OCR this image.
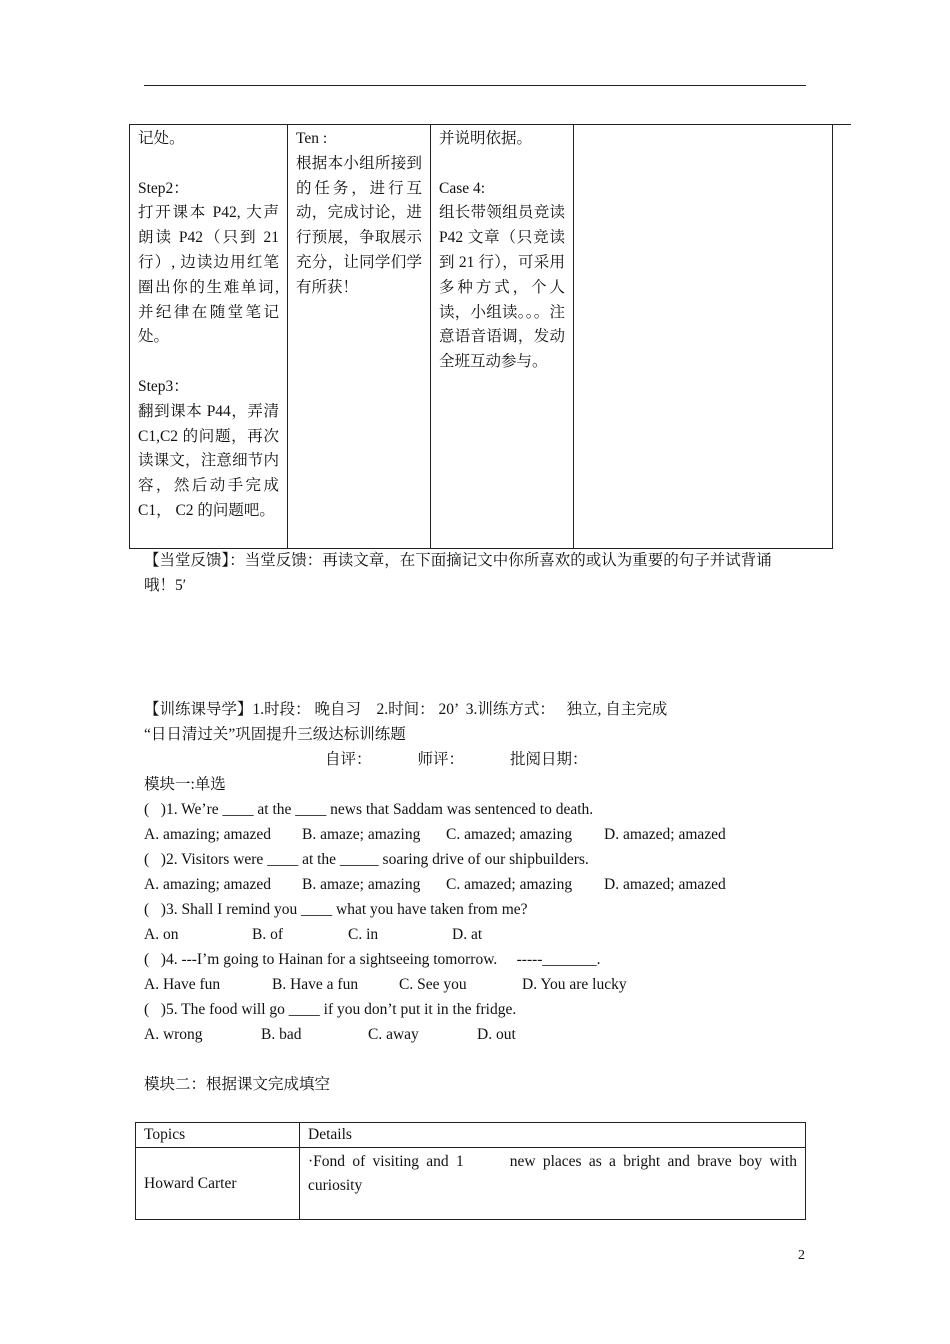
记处。
Step2：
打开课本 P42, 大声朗读 P42（只到 21 行）, 边读边用红笔圈出你的生难单词, 并纪律在随堂笔记处。
Step3：
翻到课本 P44，弄清 C1,C2 的问题，再次读课文，注意细节内容，然后动手完成 C1， C2 的问题吧。

Ten :
根据本小组所接到的任务，进行互动，完成讨论，进行预展，争取展示充分，让同学们学有所获！

并说明依据。
Case 4:
组长带领组员竞读 P42 文章（只竞读到 21 行），可采用多种方式，个人读，小组读。。。注意语音语调，发动全班互动参与。

【当堂反馈】：当堂反馈：再读文章，在下面摘记文中你所喜欢的或认为重要的句子并试背诵
哦！5′
【训练课导学】1.时段： 晚自习    2.时间： 20’  3.训练方式：   独立, 自主完成
“日日清过关”巩固提升三级达标训练题
自评：	师评：	批阅日期：
模块一:单选
(   )1. We’re ____ at the ____ news that Saddam was sentenced to death.
A. amazing; amazed B. amaze; amazing C. amazed; amazing D. amazed; amazed
(   )2. Visitors were ____ at the _____ soaring drive of our shipbuilders.
A. amazing; amazed B. amaze; amazing C. amazed; amazing D. amazed; amazed
(   )3. Shall I remind you ____ what you have taken from me?
A. on	B. of	C. in	D. at
(   )4. ---I’m going to Hainan for a sightseeing tomorrow.     -----_______.
A. Have fun	B. Have a fun	C. See you	D. You are lucky
(   )5. The food will go ____ if you don’t put it in the fridge.
A. wrong	B. bad	C. away	D. out
模块二：根据课文完成填空
Topics	Details
Howard Carter	·Fond of visiting and 1 new places as a bright and brave boy with curiosity
2
